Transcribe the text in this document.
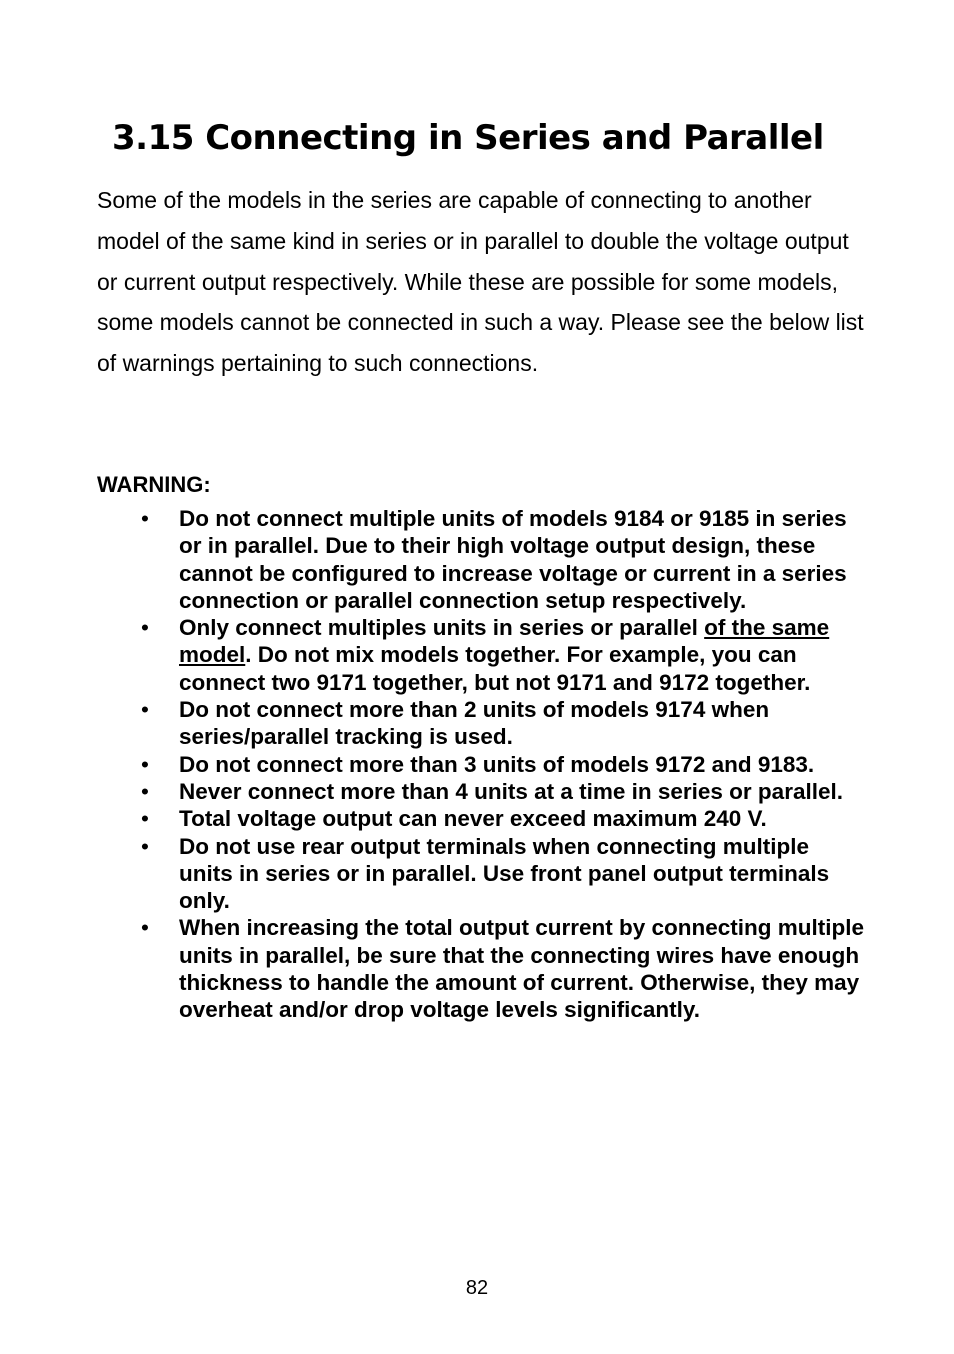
3.15 Connecting in Series and Parallel

Some of the models in the series are capable of connecting to another model of the same kind in series or in parallel to double the voltage output or current output respectively. While these are possible for some models, some models cannot be connected in such a way. Please see the below list of warnings pertaining to such connections.

WARNING:

• Do not connect multiple units of models 9184 or 9185 in series or in parallel. Due to their high voltage output design, these cannot be configured to increase voltage or current in a series connection or parallel connection setup respectively.
• Only connect multiples units in series or parallel of the same model. Do not mix models together. For example, you can connect two 9171 together, but not 9171 and 9172 together.
• Do not connect more than 2 units of models 9174 when series/parallel tracking is used.
• Do not connect more than 3 units of models 9172 and 9183.
• Never connect more than 4 units at a time in series or parallel.
• Total voltage output can never exceed maximum 240 V.
• Do not use rear output terminals when connecting multiple units in series or in parallel. Use front panel output terminals only.
• When increasing the total output current by connecting multiple units in parallel, be sure that the connecting wires have enough thickness to handle the amount of current. Otherwise, they may overheat and/or drop voltage levels significantly.

82
